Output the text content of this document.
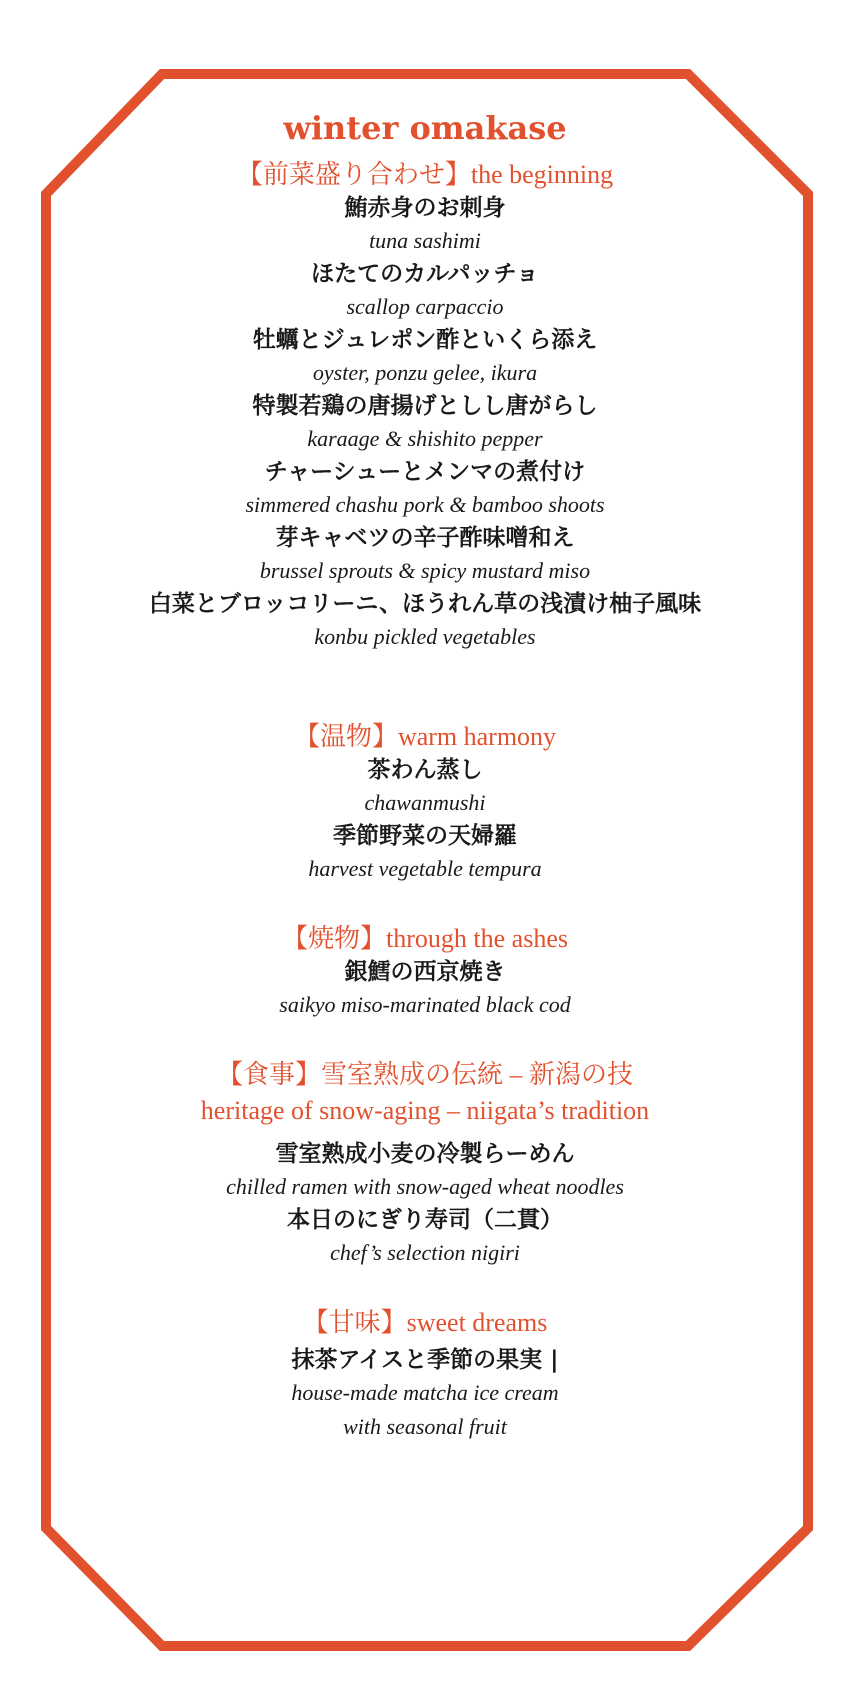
winter omakase
【前菜盛り合わせ】the beginning
鮪赤身のお刺身
tuna sashimi
ほたてのカルパッチョ
scallop carpaccio
牡蠣とジュレポン酢といくら添え
oyster, ponzu gelee, ikura
特製若鶏の唐揚げとしし唐がらし
karaage & shishito pepper
チャーシューとメンマの煮付け
simmered chashu pork & bamboo shoots
芽キャベツの辛子酢味噌和え
brussel sprouts & spicy mustard miso
白菜とブロッコリーニ、ほうれん草の浅漬け柚子風味
konbu pickled vegetables
【温物】warm harmony
茶わん蒸し
chawanmushi
季節野菜の天婦羅
harvest vegetable tempura
【焼物】through the ashes
銀鱈の西京焼き
saikyo miso-marinated black cod
【食事】雪室熟成の伝統 – 新潟の技
heritage of snow-aging – niigata’s tradition
雪室熟成小麦の冷製らーめん
chilled ramen with snow-aged wheat noodles
本日のにぎり寿司（二貫）
chef’s selection nigiri
【甘味】sweet dreams
抹茶アイスと季節の果実 |
house-made matcha ice cream
with seasonal fruit
